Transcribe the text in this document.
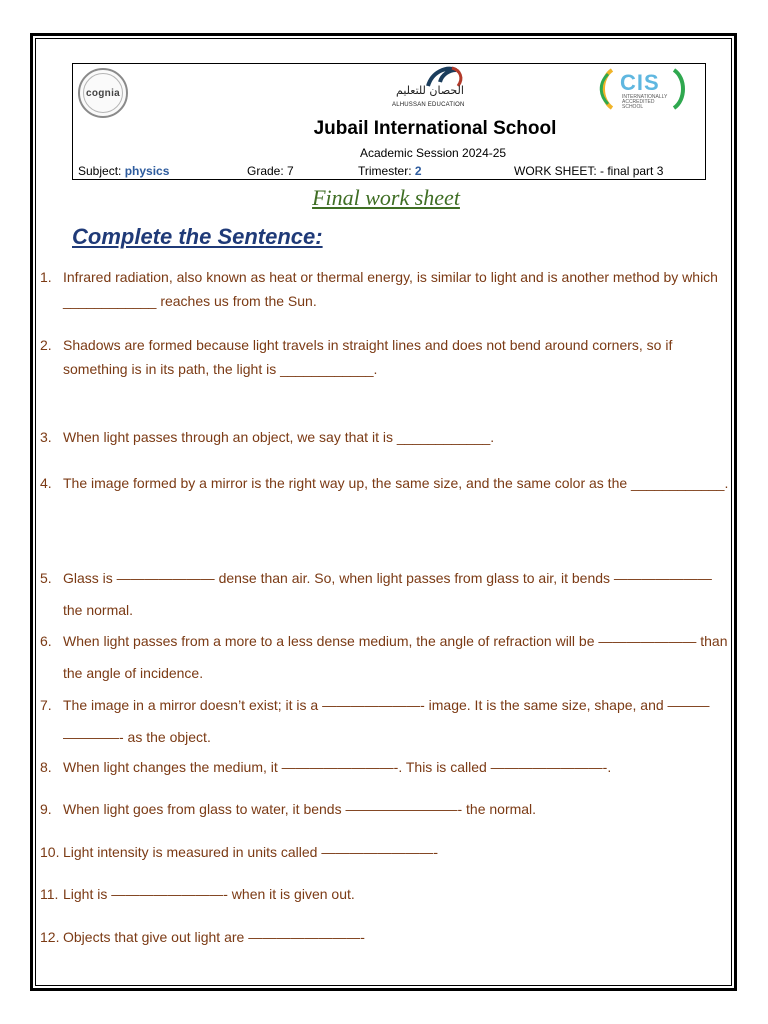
cognia	الحصان للتعليم
ALHUSSAN EDUCATION
CIS
INTERNATIONALLY ACCREDITED SCHOOL
Jubail International School
Academic Session 2024-25
Subject: physics	Grade: 7	Trimester: 2	WORK SHEET: - final part 3
Final work sheet
Complete the Sentence:
1. Infrared radiation, also known as heat or thermal energy, is similar to light and is another method by which ____________ reaches us from the Sun.
2. Shadows are formed because light travels in straight lines and does not bend around corners, so if something is in its path, the light is ____________.
3. When light passes through an object, we say that it is ____________.
4. The image formed by a mirror is the right way up, the same size, and the same color as the ____________.
5. Glass is ——————— dense than air. So, when light passes from glass to air, it bends ——————— the normal.
6. When light passes from a more to a less dense medium, the angle of refraction will be ——————— than the angle of incidence.
7. The image in a mirror doesn’t exist; it is a ———————- image. It is the same size, shape, and ——— ————- as the object.
8. When light changes the medium, it ————————-. This is called ————————-.
9. When light goes from glass to water, it bends ————————- the normal.
10. Light intensity is measured in units called ————————-
11. Light is ————————- when it is given out.
12. Objects that give out light are ————————-
